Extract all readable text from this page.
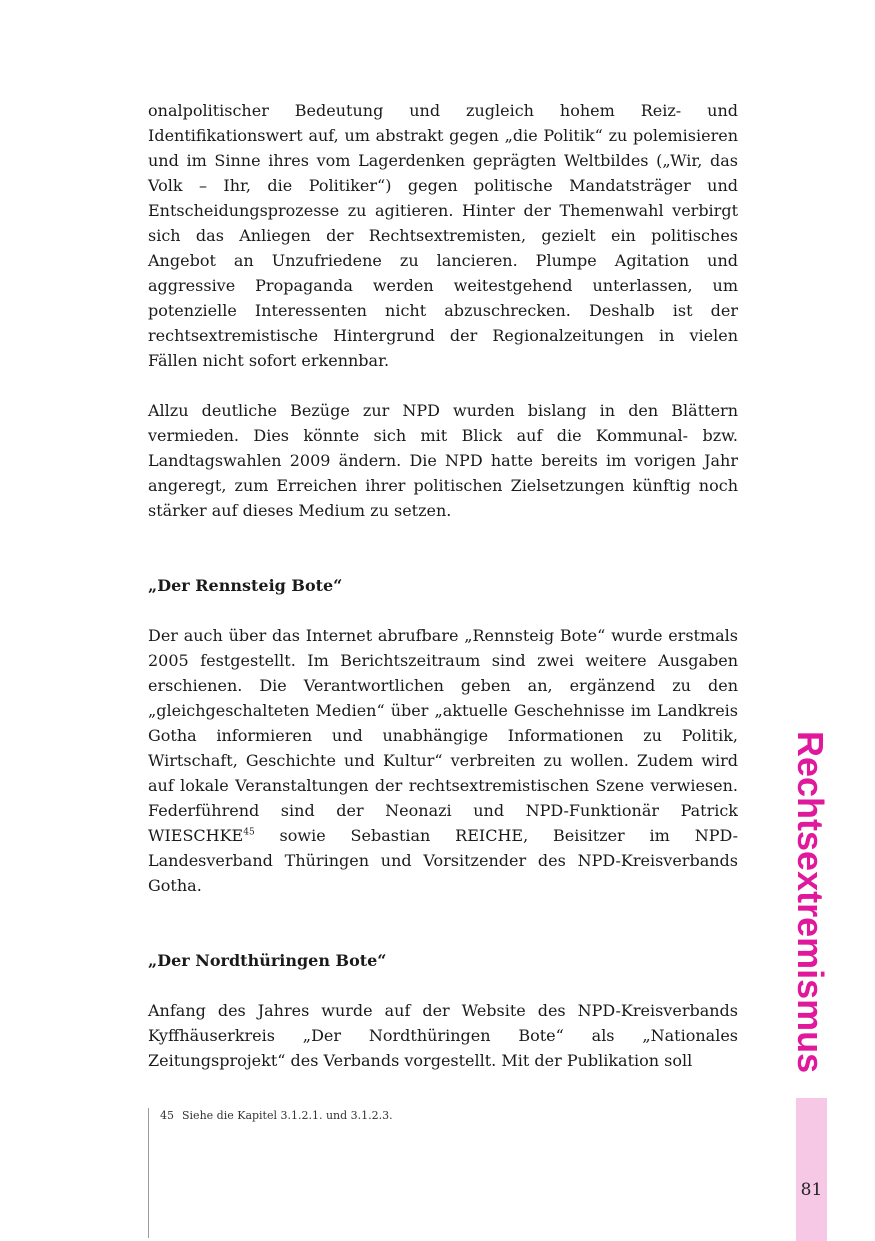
onalpolitischer Bedeutung und zugleich hohem Reiz- und Identifikationswert auf, um abstrakt gegen „die Politik“ zu polemisieren und im Sinne ihres vom Lagerdenken geprägten Weltbildes („Wir, das Volk – Ihr, die Politiker“) gegen politische Mandatsträger und Entscheidungsprozesse zu agitieren. Hinter der Themenwahl verbirgt sich das Anliegen der Rechtsextremisten, gezielt ein politisches Angebot an Unzufriedene zu lancieren. Plumpe Agitation und aggressive Propaganda werden weitestgehend unterlassen, um potenzielle Interessenten nicht abzuschrecken. Deshalb ist der rechtsextremistische Hintergrund der Regionalzeitungen in vielen Fällen nicht sofort erkennbar.

Allzu deutliche Bezüge zur NPD wurden bislang in den Blättern vermieden. Dies könnte sich mit Blick auf die Kommunal- bzw. Landtagswahlen 2009 ändern. Die NPD hatte bereits im vorigen Jahr angeregt, zum Erreichen ihrer politischen Zielsetzungen künftig noch stärker auf dieses Medium zu setzen.

„Der Rennsteig Bote“

Der auch über das Internet abrufbare „Rennsteig Bote“ wurde erstmals 2005 festgestellt. Im Berichtszeitraum sind zwei weitere Ausgaben erschienen. Die Verantwortlichen geben an, ergänzend zu den „gleichgeschalteten Medien“ über „aktuelle Geschehnisse im Landkreis Gotha informieren und unabhängige Informationen zu Politik, Wirtschaft, Geschichte und Kultur“ verbreiten zu wollen. Zudem wird auf lokale Veranstaltungen der rechtsextremistischen Szene verwiesen. Federführend sind der Neonazi und NPD-Funktionär Patrick WIESCHKE$^{45}$ sowie Sebastian REICHE, Beisitzer im NPD-Landesverband Thüringen und Vorsitzender des NPD-Kreisverbands Gotha.

„Der Nordthüringen Bote“

Anfang des Jahres wurde auf der Website des NPD-Kreisverbands Kyffhäuserkreis „Der Nordthüringen Bote“ als „Nationales Zeitungsprojekt“ des Verbands vorgestellt. Mit der Publikation soll

45 Siehe die Kapitel 3.1.2.1. und 3.1.2.3.
Rechtsextremismus
81
